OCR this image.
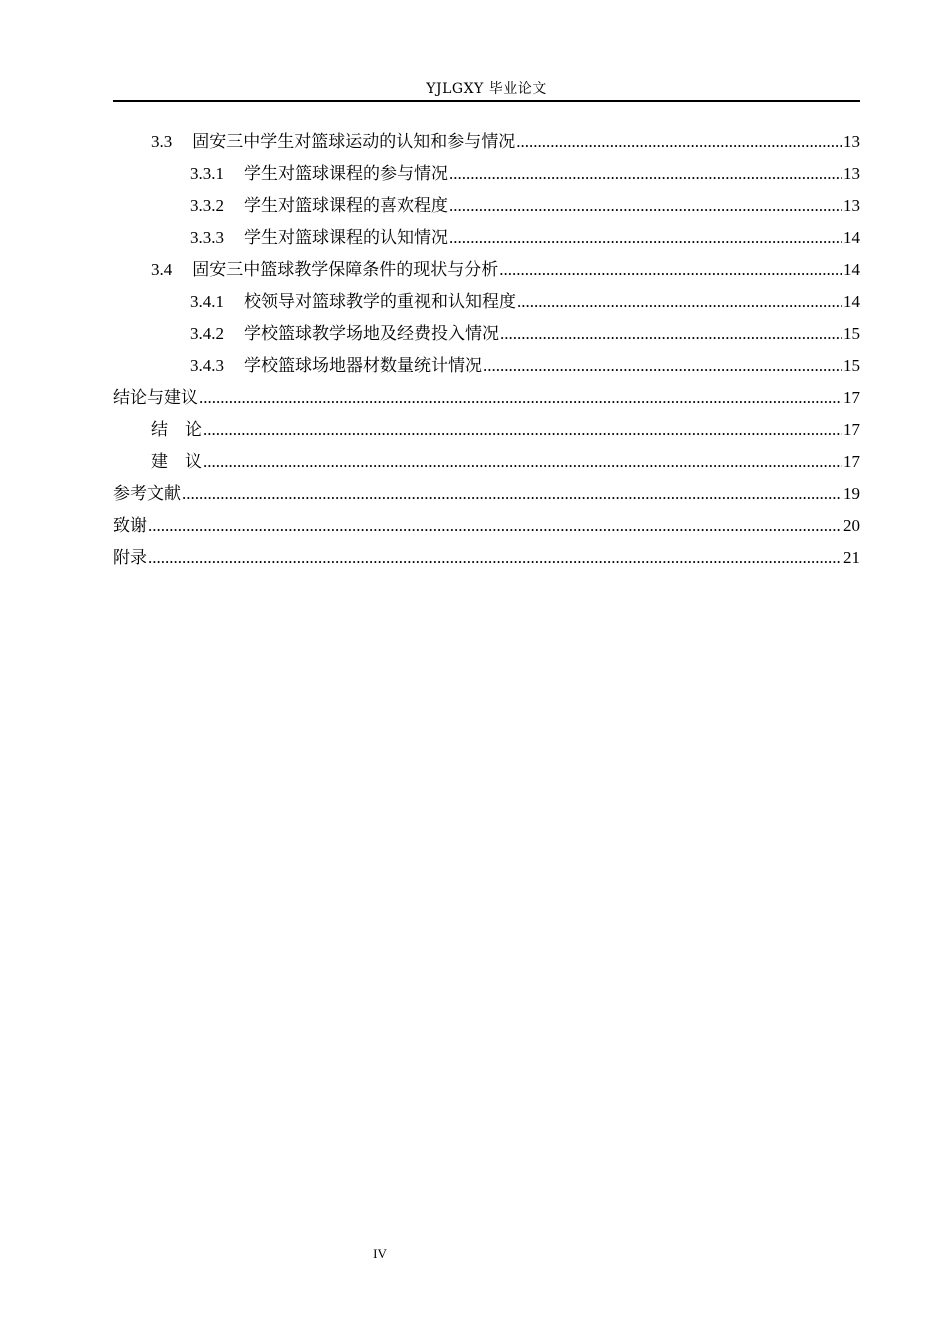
YJLGXY 毕业论文
3.3 固安三中学生对篮球运动的认知和参与情况 .....	13
3.3.1 学生对篮球课程的参与情况 .....	13
3.3.2 学生对篮球课程的喜欢程度 .....	13
3.3.3 学生对篮球课程的认知情况 .....	14
3.4 固安三中篮球教学保障条件的现状与分析 .....	14
3.4.1 校领导对篮球教学的重视和认知程度 .....	14
3.4.2 学校篮球教学场地及经费投入情况 .....	15
3.4.3 学校篮球场地器材数量统计情况 .....	15
结论与建议 .....	17
结　论 .....	17
建　议 .....	17
参考文献 .....	19
致谢 .....	20
附录 .....	21
IV
